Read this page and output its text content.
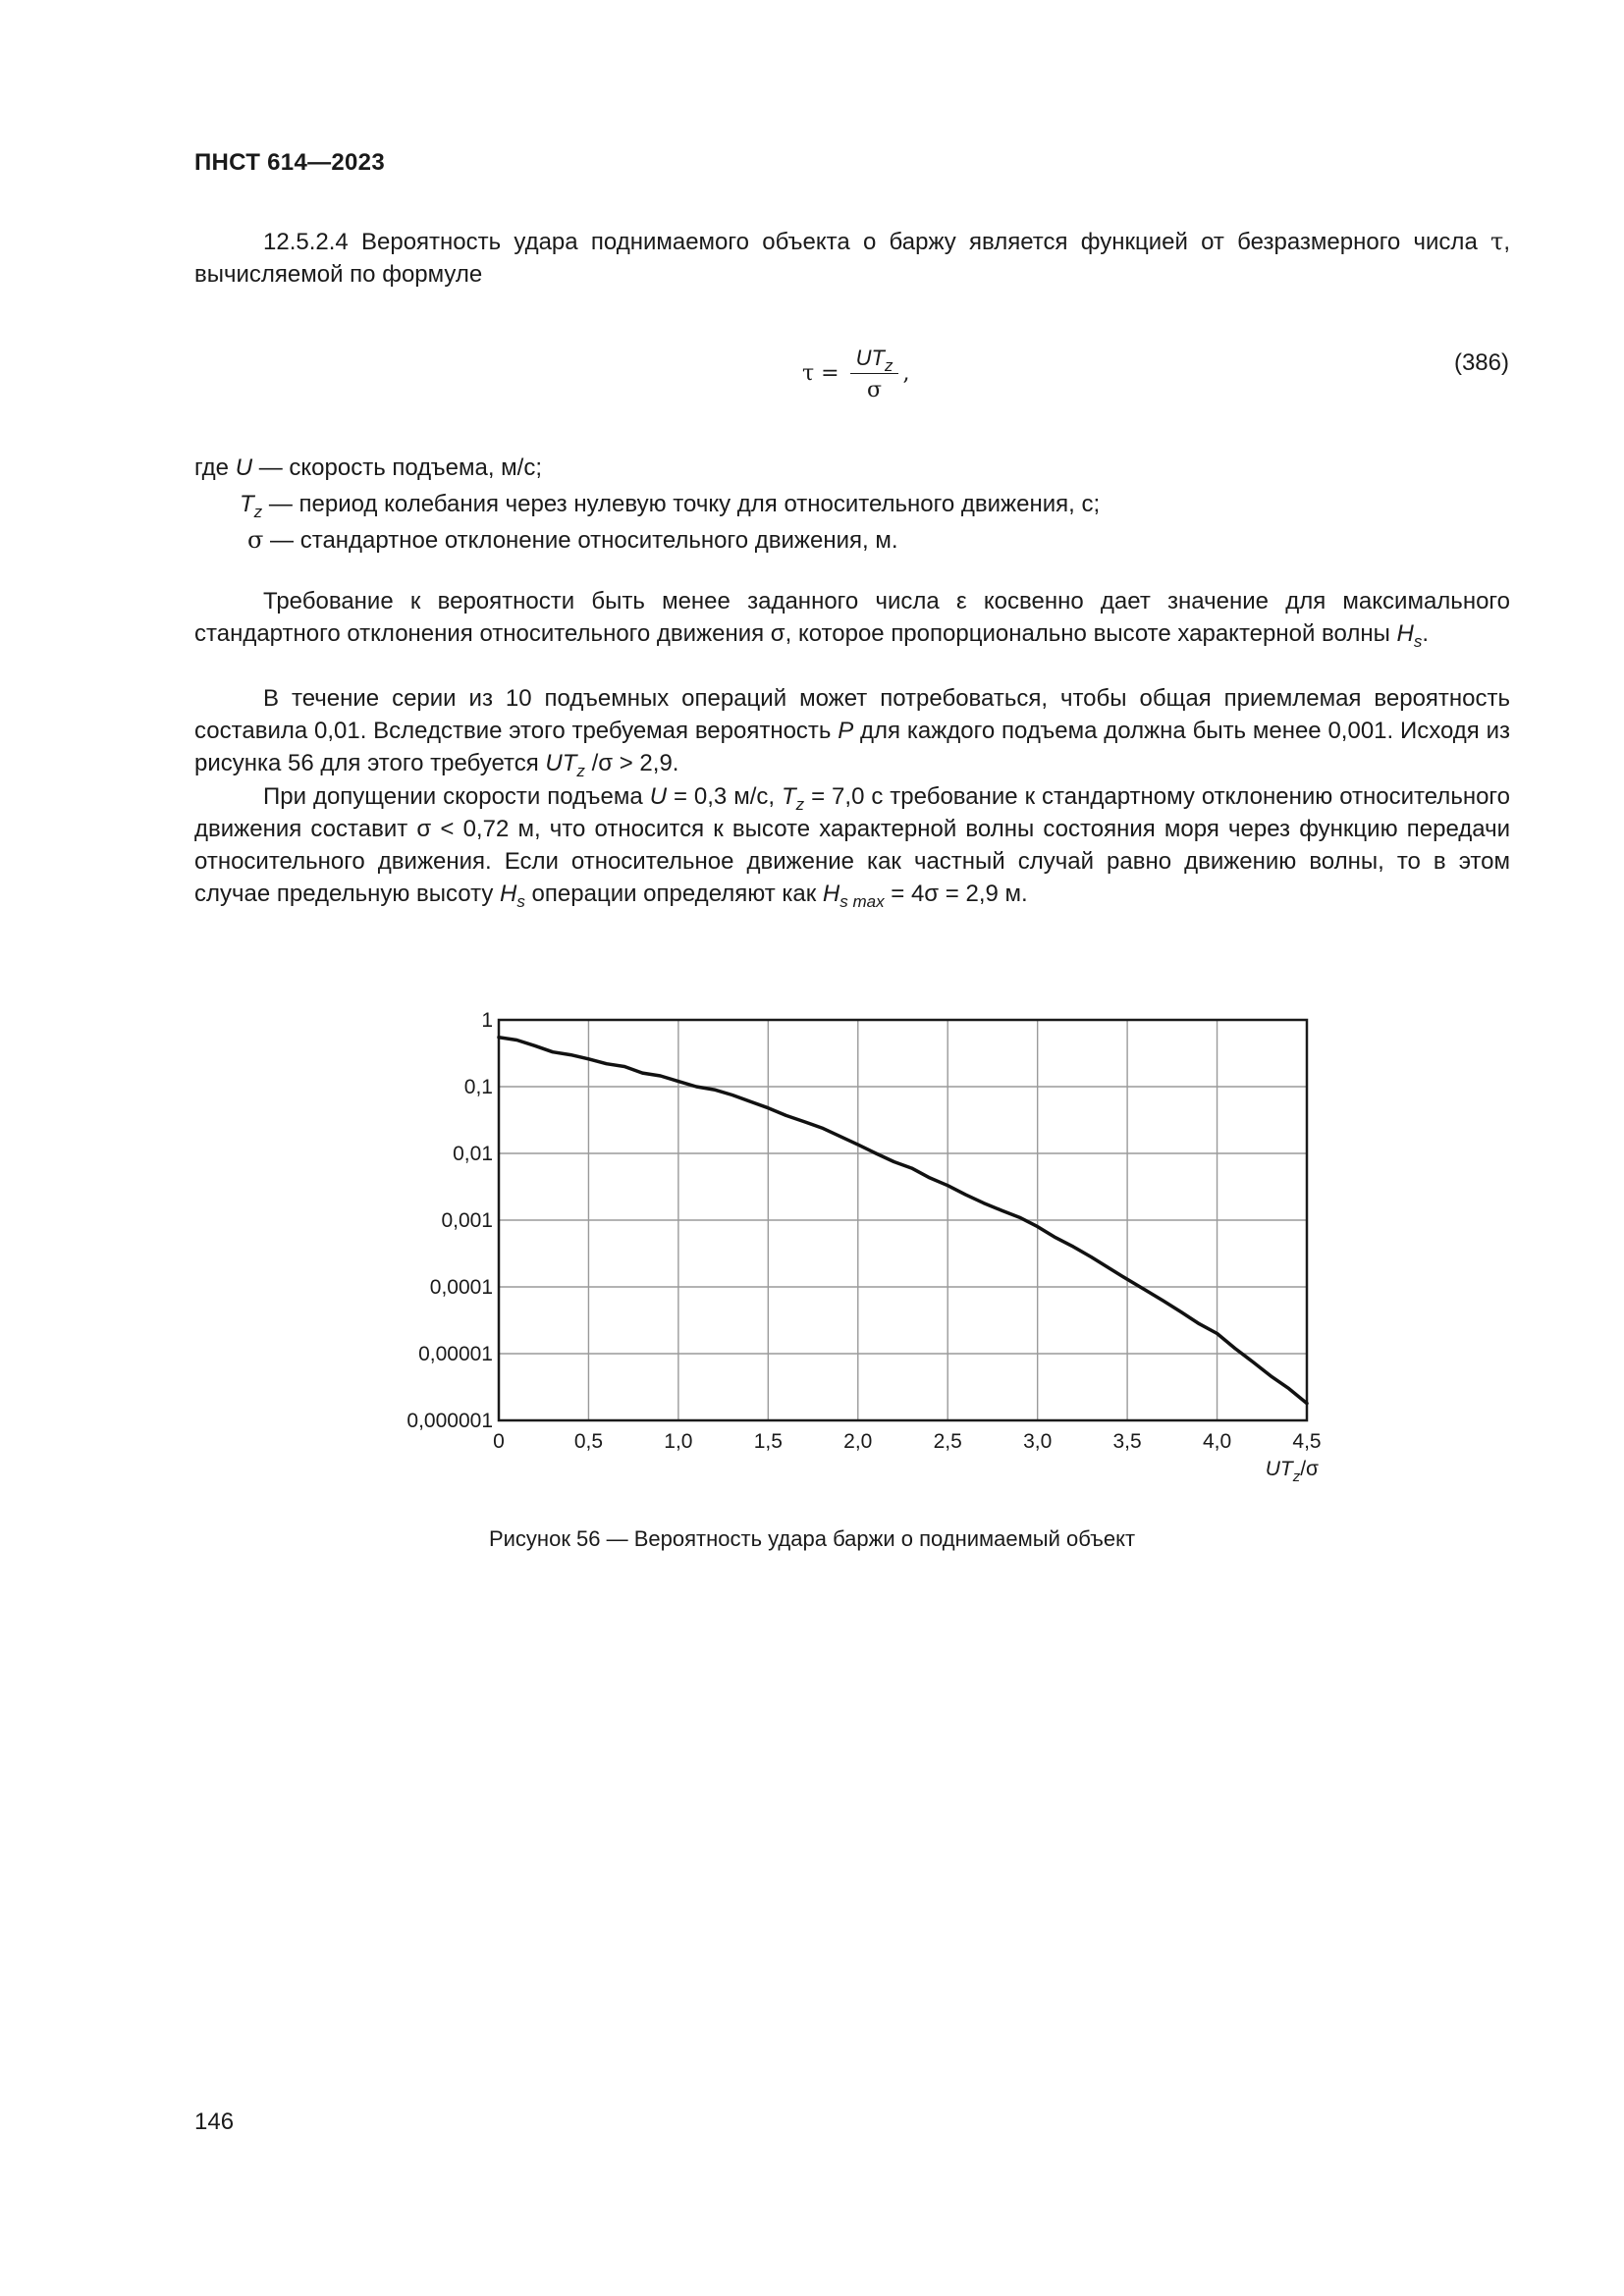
ПНСТ 614—2023

12.5.2.4 Вероятность удара поднимаемого объекта о баржу является функцией от безразмерного числа τ, вычисляемой по формуле

$\tau = \frac{UT_z}{\sigma}$ ,	(386)
где U — скорость подъема, м/с;
$T_z$ — период колебания через нулевую точку для относительного движения, с;
σ — стандартное отклонение относительного движения, м.

Требование к вероятности быть менее заданного числа ε косвенно дает значение для максимального стандартного отклонения относительного движения σ, которое пропорционально высоте характерной волны $H_s$.

В течение серии из 10 подъемных операций может потребоваться, чтобы общая приемлемая вероятность составила 0,01. Вследствие этого требуемая вероятность P для каждого подъема должна быть менее 0,001. Исходя из рисунка 56 для этого требуется $UT_z$ /σ > 2,9.

При допущении скорости подъема U = 0,3 м/с, $T_z = 7,0$ с требование к стандартному отклонению относительного движения составит σ < 0,72 м, что относится к высоте характерной волны состояния моря через функцию передачи относительного движения. Если относительное движение как частный случай равно движению волны, то в этом случае предельную высоту $H_s$ операции определяют как $H_{s max} = 4\sigma = 2,9$ м.

0	0,5	1,0	1,5	2,0	2,5	3,0	3,5	4,0	4,5
1
0,1
0,01
0,001
0,0001
0,00001
0,000001
$UT_z/\sigma$
Рисунок 56 — Вероятность удара баржи о поднимаемый объект
146
